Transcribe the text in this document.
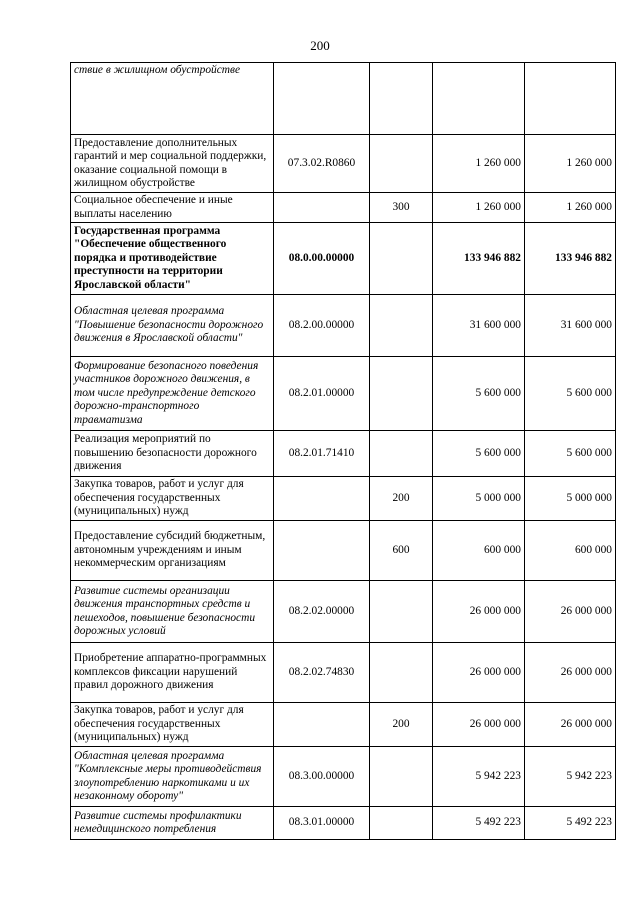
200
ствие в жилищном обустройстве				
Предоставление дополнительных гарантий и мер социальной поддержки, оказание социальной помощи в жилищном обустройстве	07.3.02.R0860		1 260 000	1 260 000
Социальное обеспечение и иные выплаты населению		300	1 260 000	1 260 000
Государственная программа "Обеспечение общественного порядка и противодействие преступности на территории Ярославской области"	08.0.00.00000		133 946 882	133 946 882
Областная целевая программа "Повышение безопасности дорожного движения в Ярославской области"	08.2.00.00000		31 600 000	31 600 000
Формирование безопасного поведения участников дорожного движения, в том числе предупреждение детского дорожно-транспортного травматизма	08.2.01.00000		5 600 000	5 600 000
Реализация мероприятий по повышению безопасности дорожного движения	08.2.01.71410		5 600 000	5 600 000
Закупка товаров, работ и услуг для обеспечения государственных (муниципальных) нужд		200	5 000 000	5 000 000
Предоставление субсидий бюджетным, автономным учреждениям и иным некоммерческим организациям		600	600 000	600 000
Развитие системы организации движения транспортных средств и пешеходов, повышение безопасности дорожных условий	08.2.02.00000		26 000 000	26 000 000
Приобретение аппаратно-программных комплексов фиксации нарушений правил дорожного движения	08.2.02.74830		26 000 000	26 000 000
Закупка товаров, работ и услуг для обеспечения государственных (муниципальных) нужд		200	26 000 000	26 000 000
Областная целевая программа "Комплексные меры противодействия злоупотреблению наркотиками и их незаконному обороту"	08.3.00.00000		5 942 223	5 942 223
Развитие системы профилактики немедицинского потребления	08.3.01.00000		5 492 223	5 492 223
